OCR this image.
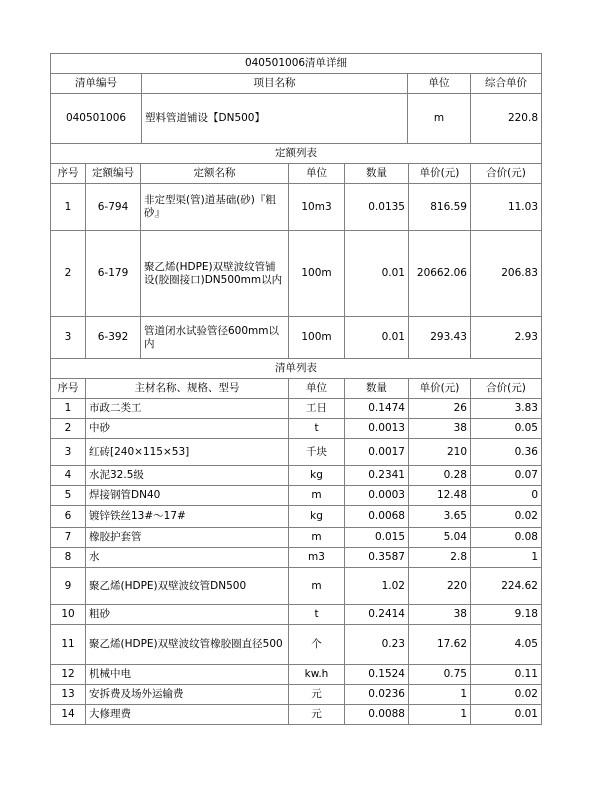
040501006清单详细			
清单编号	项目名称	单位	综合单价
040501006	塑料管道铺设【DN500】	m	220.8
定额列表						
序号	定额编号	定额名称	单位	数量	单价(元)	合价(元)
1	6-794	非定型渠(管)道基础(砂)『粗砂』	10m3	0.0135	816.59	11.03
2	6-179	聚乙烯(HDPE)双壁波纹管铺设(胶圈接口)DN500mm以内	100m	0.01	20662.06	206.83
3	6-392	管道闭水试验管径600mm以内	100m	0.01	293.43	2.93
清单列表						
序号	主材名称、规格、型号		单位	数量	单价(元)	合价(元)
1	市政二类工		工日	0.1474	26	3.83
2	中砂		t	0.0013	38	0.05
3	红砖[240×115×53]		千块	0.0017	210	0.36
4	水泥32.5级		kg	0.2341	0.28	0.07
5	焊接钢管DN40		m	0.0003	12.48	0
6	镀锌铁丝13#～17#		kg	0.0068	3.65	0.02
7	橡胶护套管		m	0.015	5.04	0.08
8	水		m3	0.3587	2.8	1
9	聚乙烯(HDPE)双壁波纹管DN500		m	1.02	220	224.62
10	粗砂		t	0.2414	38	9.18
11	聚乙烯(HDPE)双壁波纹管橡胶圈直径500		个	0.23	17.62	4.05
12	机械中电		kw.h	0.1524	0.75	0.11
13	安拆费及场外运输费		元	0.0236	1	0.02
14	大修理费		元	0.0088	1	0.01
